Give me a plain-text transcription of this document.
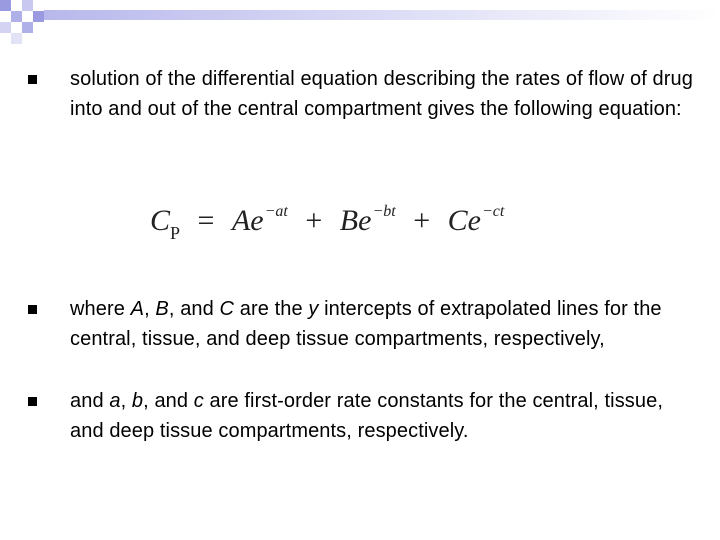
solution of the differential equation describing the rates of flow of drug into and out of the central compartment gives the following equation:
$C_P = Ae^{-at} + Be^{-bt} + Ce^{-ct}$
where A, B, and C are the y intercepts of extrapolated lines for the central, tissue, and deep tissue compartments, respectively,
and a, b, and c are first-order rate constants for the central, tissue, and deep tissue compartments, respectively.
